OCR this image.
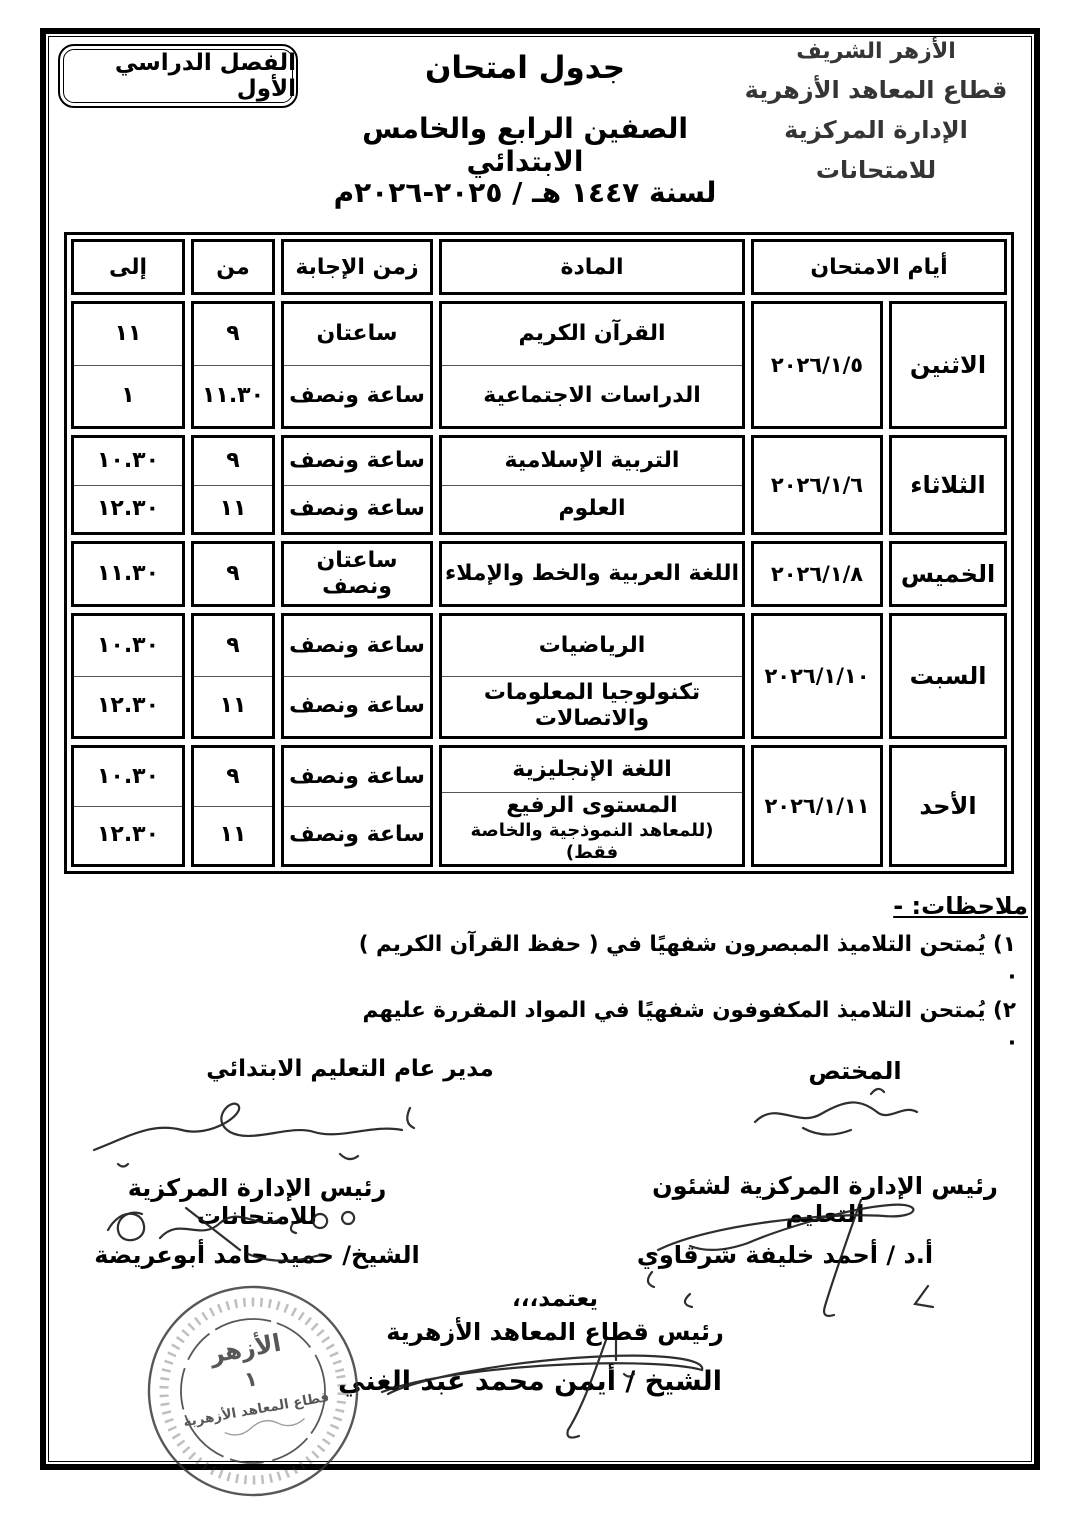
الفصل الدراسي الأول
الأزهر الشريف
قطاع المعاهد الأزهرية
الإدارة المركزية للامتحانات
جدول امتحان
الصفين الرابع والخامس الابتدائي
لسنة ١٤٤٧ هـ / ٢٠٢٥-٢٠٢٦م
أيام الامتحان
المادة
زمن الإجابة
من
إلى
الاثنين
٢٠٢٦/١/٥
القرآن الكريم
الدراسات الاجتماعية
ساعتان
ساعة ونصف
٩
١١.٣٠
١١
١
الثلاثاء
٢٠٢٦/١/٦
التربية الإسلامية
العلوم
ساعة ونصف
ساعة ونصف
٩
١١
١٠.٣٠
١٢.٣٠
الخميس
٢٠٢٦/١/٨
اللغة العربية والخط والإملاء
ساعتان ونصف
٩
١١.٣٠
السبت
٢٠٢٦/١/١٠
الرياضيات
تكنولوجيا المعلومات والاتصالات
ساعة ونصف
ساعة ونصف
٩
١١
١٠.٣٠
١٢.٣٠
الأحد
٢٠٢٦/١/١١
اللغة الإنجليزية
المستوى الرفيع
(للمعاهد النموذجية والخاصة فقط)
ساعة ونصف
ساعة ونصف
٩
١١
١٠.٣٠
١٢.٣٠
ملاحظات: -
١) يُمتحن التلاميذ المبصرون شفهيًا في ( حفظ القرآن الكريم ) ·
٢) يُمتحن التلاميذ المكفوفون شفهيًا في المواد المقررة عليهم ·
المختص
مدير عام التعليم الابتدائي
رئيس الإدارة المركزية لشئون التعليم
أ.د / أحمد خليفة شرقاوي
رئيس الإدارة المركزية للامتحانات
الشيخ/ حميد حامد أبوعريضة
يعتمد،،،
رئيس قطاع المعاهد الأزهرية
الشيخ / أيمن محمد عبد الغني
الأزهر
١
قطاع المعاهد الأزهرية
